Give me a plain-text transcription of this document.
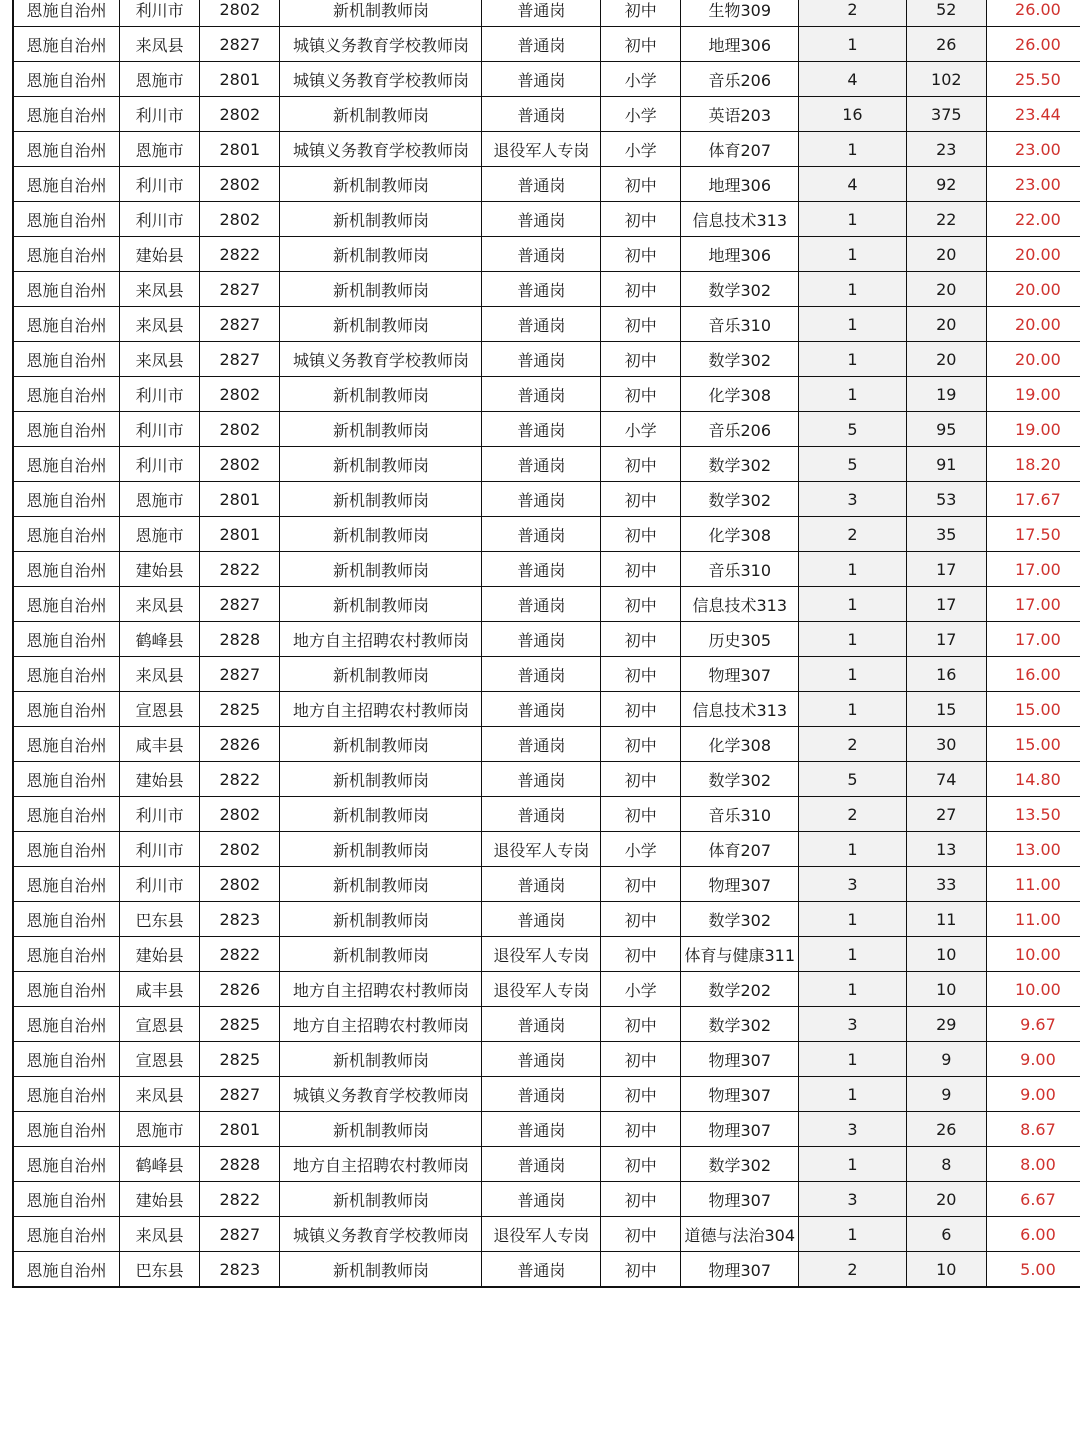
恩施自治州	利川市	2802	新机制教师岗	普通岗	初中	生物309	2	52	26.00
恩施自治州	来凤县	2827	城镇义务教育学校教师岗	普通岗	初中	地理306	1	26	26.00
恩施自治州	恩施市	2801	城镇义务教育学校教师岗	普通岗	小学	音乐206	4	102	25.50
恩施自治州	利川市	2802	新机制教师岗	普通岗	小学	英语203	16	375	23.44
恩施自治州	恩施市	2801	城镇义务教育学校教师岗	退役军人专岗	小学	体育207	1	23	23.00
恩施自治州	利川市	2802	新机制教师岗	普通岗	初中	地理306	4	92	23.00
恩施自治州	利川市	2802	新机制教师岗	普通岗	初中	信息技术313	1	22	22.00
恩施自治州	建始县	2822	新机制教师岗	普通岗	初中	地理306	1	20	20.00
恩施自治州	来凤县	2827	新机制教师岗	普通岗	初中	数学302	1	20	20.00
恩施自治州	来凤县	2827	新机制教师岗	普通岗	初中	音乐310	1	20	20.00
恩施自治州	来凤县	2827	城镇义务教育学校教师岗	普通岗	初中	数学302	1	20	20.00
恩施自治州	利川市	2802	新机制教师岗	普通岗	初中	化学308	1	19	19.00
恩施自治州	利川市	2802	新机制教师岗	普通岗	小学	音乐206	5	95	19.00
恩施自治州	利川市	2802	新机制教师岗	普通岗	初中	数学302	5	91	18.20
恩施自治州	恩施市	2801	新机制教师岗	普通岗	初中	数学302	3	53	17.67
恩施自治州	恩施市	2801	新机制教师岗	普通岗	初中	化学308	2	35	17.50
恩施自治州	建始县	2822	新机制教师岗	普通岗	初中	音乐310	1	17	17.00
恩施自治州	来凤县	2827	新机制教师岗	普通岗	初中	信息技术313	1	17	17.00
恩施自治州	鹤峰县	2828	地方自主招聘农村教师岗	普通岗	初中	历史305	1	17	17.00
恩施自治州	来凤县	2827	新机制教师岗	普通岗	初中	物理307	1	16	16.00
恩施自治州	宣恩县	2825	地方自主招聘农村教师岗	普通岗	初中	信息技术313	1	15	15.00
恩施自治州	咸丰县	2826	新机制教师岗	普通岗	初中	化学308	2	30	15.00
恩施自治州	建始县	2822	新机制教师岗	普通岗	初中	数学302	5	74	14.80
恩施自治州	利川市	2802	新机制教师岗	普通岗	初中	音乐310	2	27	13.50
恩施自治州	利川市	2802	新机制教师岗	退役军人专岗	小学	体育207	1	13	13.00
恩施自治州	利川市	2802	新机制教师岗	普通岗	初中	物理307	3	33	11.00
恩施自治州	巴东县	2823	新机制教师岗	普通岗	初中	数学302	1	11	11.00
恩施自治州	建始县	2822	新机制教师岗	退役军人专岗	初中	体育与健康311	1	10	10.00
恩施自治州	咸丰县	2826	地方自主招聘农村教师岗	退役军人专岗	小学	数学202	1	10	10.00
恩施自治州	宣恩县	2825	地方自主招聘农村教师岗	普通岗	初中	数学302	3	29	9.67
恩施自治州	宣恩县	2825	新机制教师岗	普通岗	初中	物理307	1	9	9.00
恩施自治州	来凤县	2827	城镇义务教育学校教师岗	普通岗	初中	物理307	1	9	9.00
恩施自治州	恩施市	2801	新机制教师岗	普通岗	初中	物理307	3	26	8.67
恩施自治州	鹤峰县	2828	地方自主招聘农村教师岗	普通岗	初中	数学302	1	8	8.00
恩施自治州	建始县	2822	新机制教师岗	普通岗	初中	物理307	3	20	6.67
恩施自治州	来凤县	2827	城镇义务教育学校教师岗	退役军人专岗	初中	道德与法治304	1	6	6.00
恩施自治州	巴东县	2823	新机制教师岗	普通岗	初中	物理307	2	10	5.00
